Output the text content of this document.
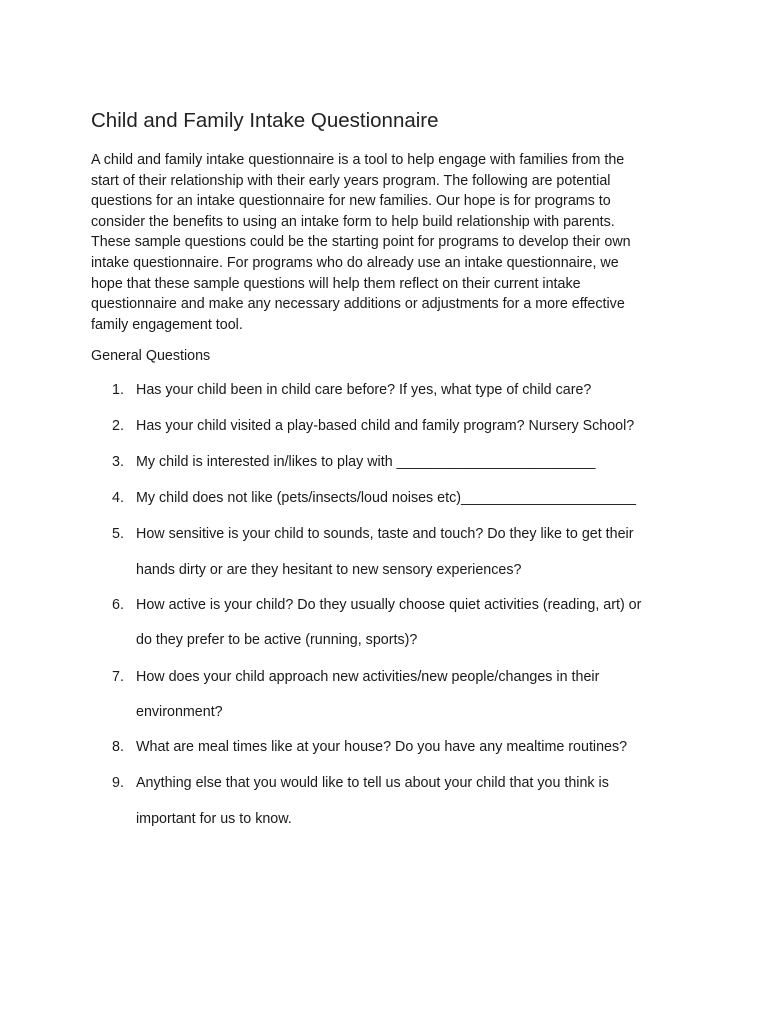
Child and Family Intake Questionnaire
A child and family intake questionnaire is a tool to help engage with families from the
start of their relationship with their early years program. The following are potential
questions for an intake questionnaire for new families. Our hope is for programs to
consider the benefits to using an intake form to help build relationship with parents.
These sample questions could be the starting point for programs to develop their own
intake questionnaire. For programs who do already use an intake questionnaire, we
hope that these sample questions will help them reflect on their current intake
questionnaire and make any necessary additions or adjustments for a more effective
family engagement tool.
General Questions
1. Has your child been in child care before? If yes, what type of child care?
2. Has your child visited a play-based child and family program? Nursery School?
3. My child is interested in/likes to play with _________________________
4. My child does not like (pets/insects/loud noises etc)______________________
5. How sensitive is your child to sounds, taste and touch? Do they like to get their
hands dirty or are they hesitant to new sensory experiences?
6. How active is your child? Do they usually choose quiet activities (reading, art) or
do they prefer to be active (running, sports)?
7. How does your child approach new activities/new people/changes in their
environment?
8. What are meal times like at your house? Do you have any mealtime routines?
9. Anything else that you would like to tell us about your child that you think is
important for us to know.
